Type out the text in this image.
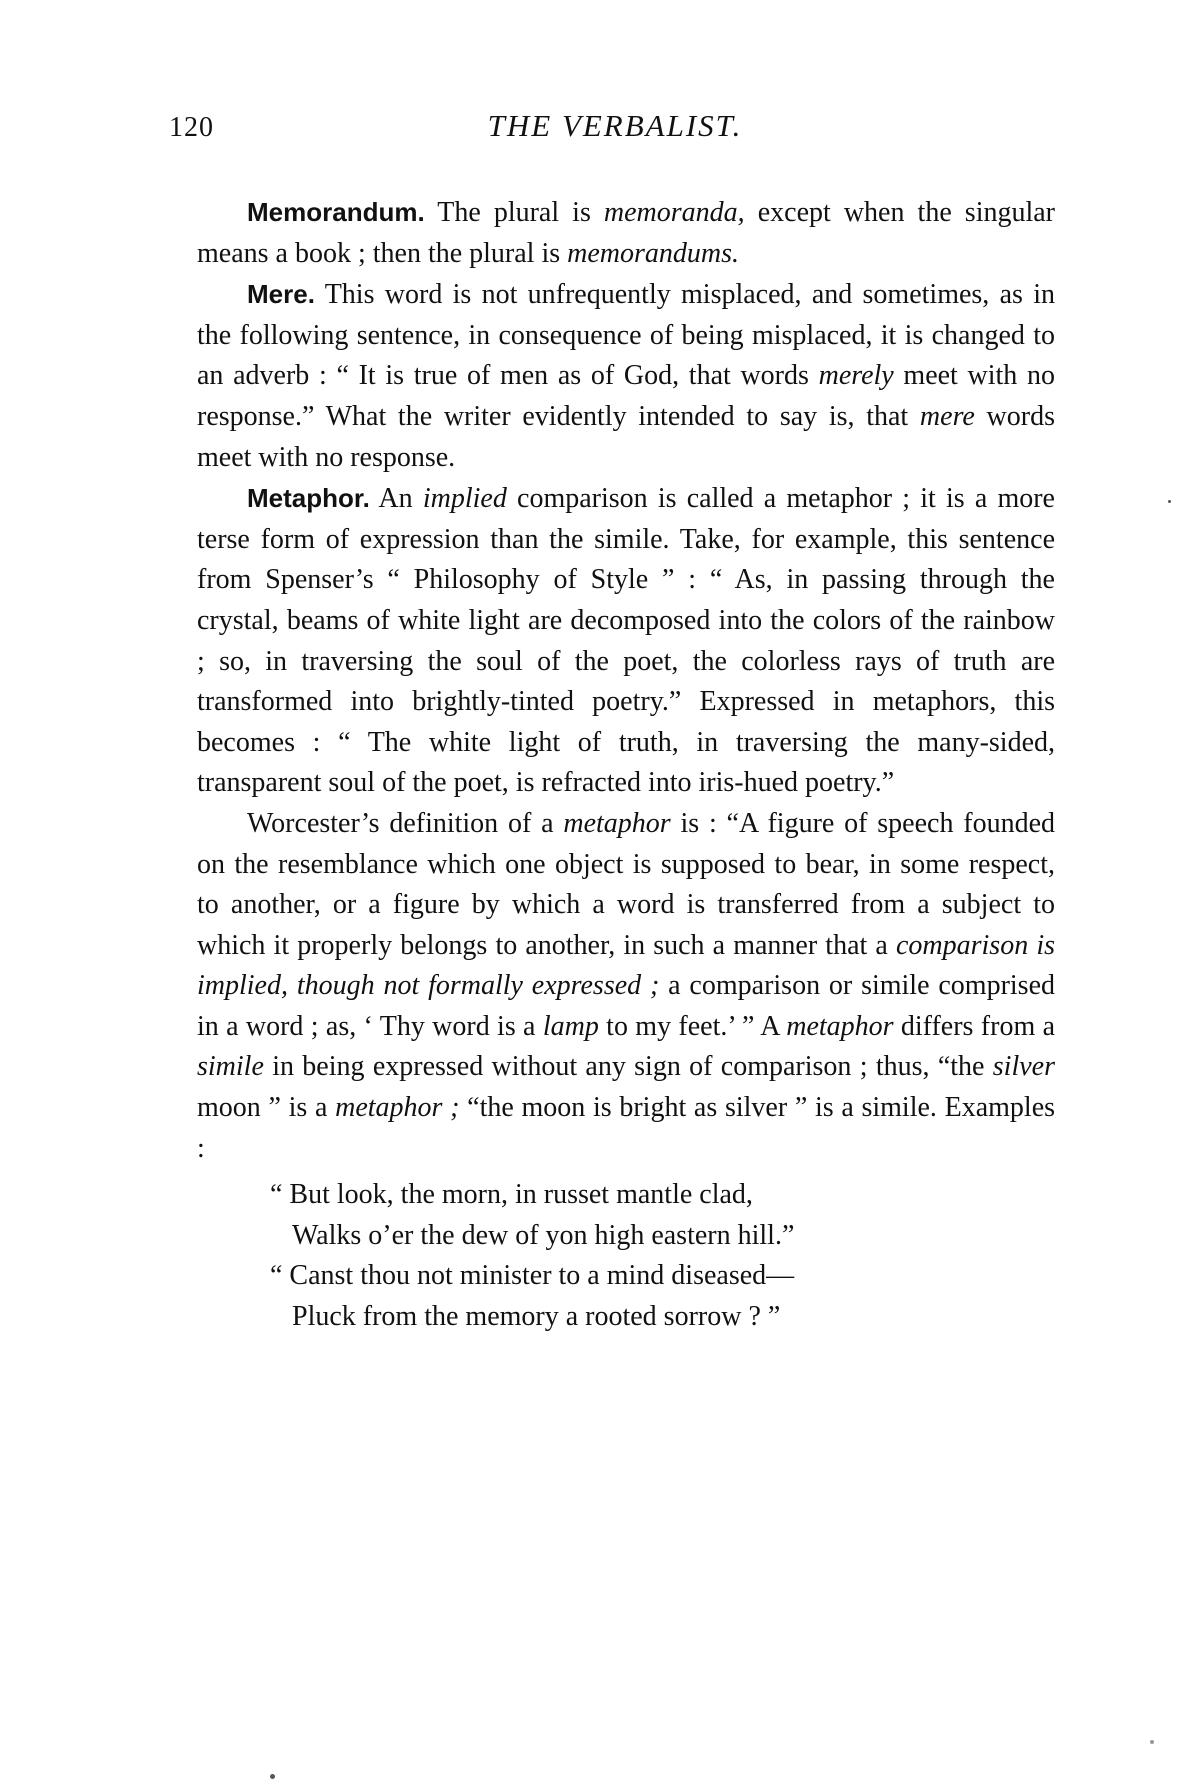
120	THE VERBALIST.

Memorandum. The plural is memoranda, except when the singular means a book ; then the plural is memorandums.

Mere. This word is not unfrequently misplaced, and sometimes, as in the following sentence, in consequence of being misplaced, it is changed to an adverb : “ It is true of men as of God, that words merely meet with no response.” What the writer evidently intended to say is, that mere words meet with no response.

Metaphor. An implied comparison is called a metaphor ; it is a more terse form of expression than the simile. Take, for example, this sentence from Spenser’s “ Philosophy of Style ” : “ As, in passing through the crystal, beams of white light are decomposed into the colors of the rainbow ; so, in traversing the soul of the poet, the colorless rays of truth are transformed into brightly-tinted poetry.” Expressed in metaphors, this becomes : “ The white light of truth, in traversing the many-sided, transparent soul of the poet, is refracted into iris-hued poetry.”

Worcester’s definition of a metaphor is : “A figure of speech founded on the resemblance which one object is supposed to bear, in some respect, to another, or a figure by which a word is transferred from a subject to which it properly belongs to another, in such a manner that a comparison is implied, though not formally expressed ; a comparison or simile comprised in a word ; as, ‘ Thy word is a lamp to my feet.’ ” A metaphor differs from a simile in being expressed without any sign of comparison ; thus, “the silver moon ” is a metaphor ; “the moon is bright as silver ” is a simile. Examples :

“ But look, the morn, in russet mantle clad,
Walks o’er the dew of yon high eastern hill.”
“ Canst thou not minister to a mind diseased—
Pluck from the memory a rooted sorrow ? ”
